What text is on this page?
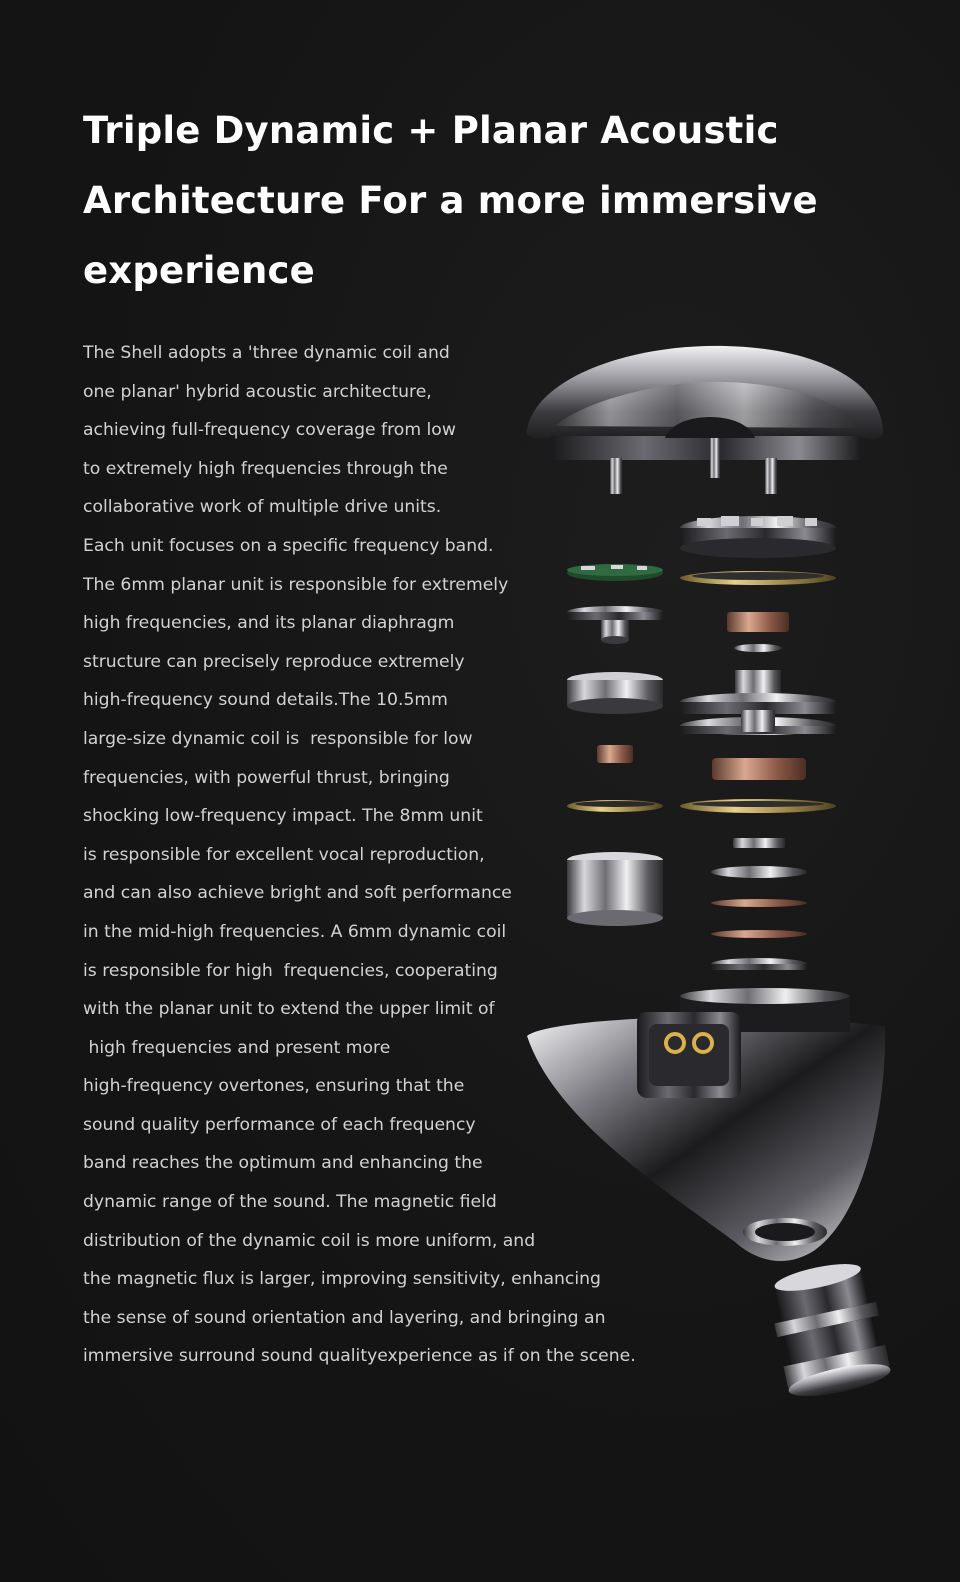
Triple Dynamic + Planar Acoustic
Architecture For a more immersive
experience
The Shell adopts a 'three dynamic coil and
one planar' hybrid acoustic architecture,
achieving full-frequency coverage from low
to extremely high frequencies through the
collaborative work of multiple drive units.
Each unit focuses on a specific frequency band.
The 6mm planar unit is responsible for extremely
high frequencies, and its planar diaphragm
structure can precisely reproduce extremely
high-frequency sound details.The 10.5mm
large-size dynamic coil is  responsible for low
frequencies, with powerful thrust, bringing
shocking low-frequency impact. The 8mm unit
is responsible for excellent vocal reproduction,
and can also achieve bright and soft performance
in the mid-high frequencies. A 6mm dynamic coil
is responsible for high  frequencies, cooperating
with the planar unit to extend the upper limit of
high frequencies and present more
high-frequency overtones, ensuring that the
sound quality performance of each frequency
band reaches the optimum and enhancing the
dynamic range of the sound. The magnetic field
distribution of the dynamic coil is more uniform, and
the magnetic flux is larger, improving sensitivity, enhancing
the sense of sound orientation and layering, and bringing an
immersive surround sound qualityexperience as if on the scene.
